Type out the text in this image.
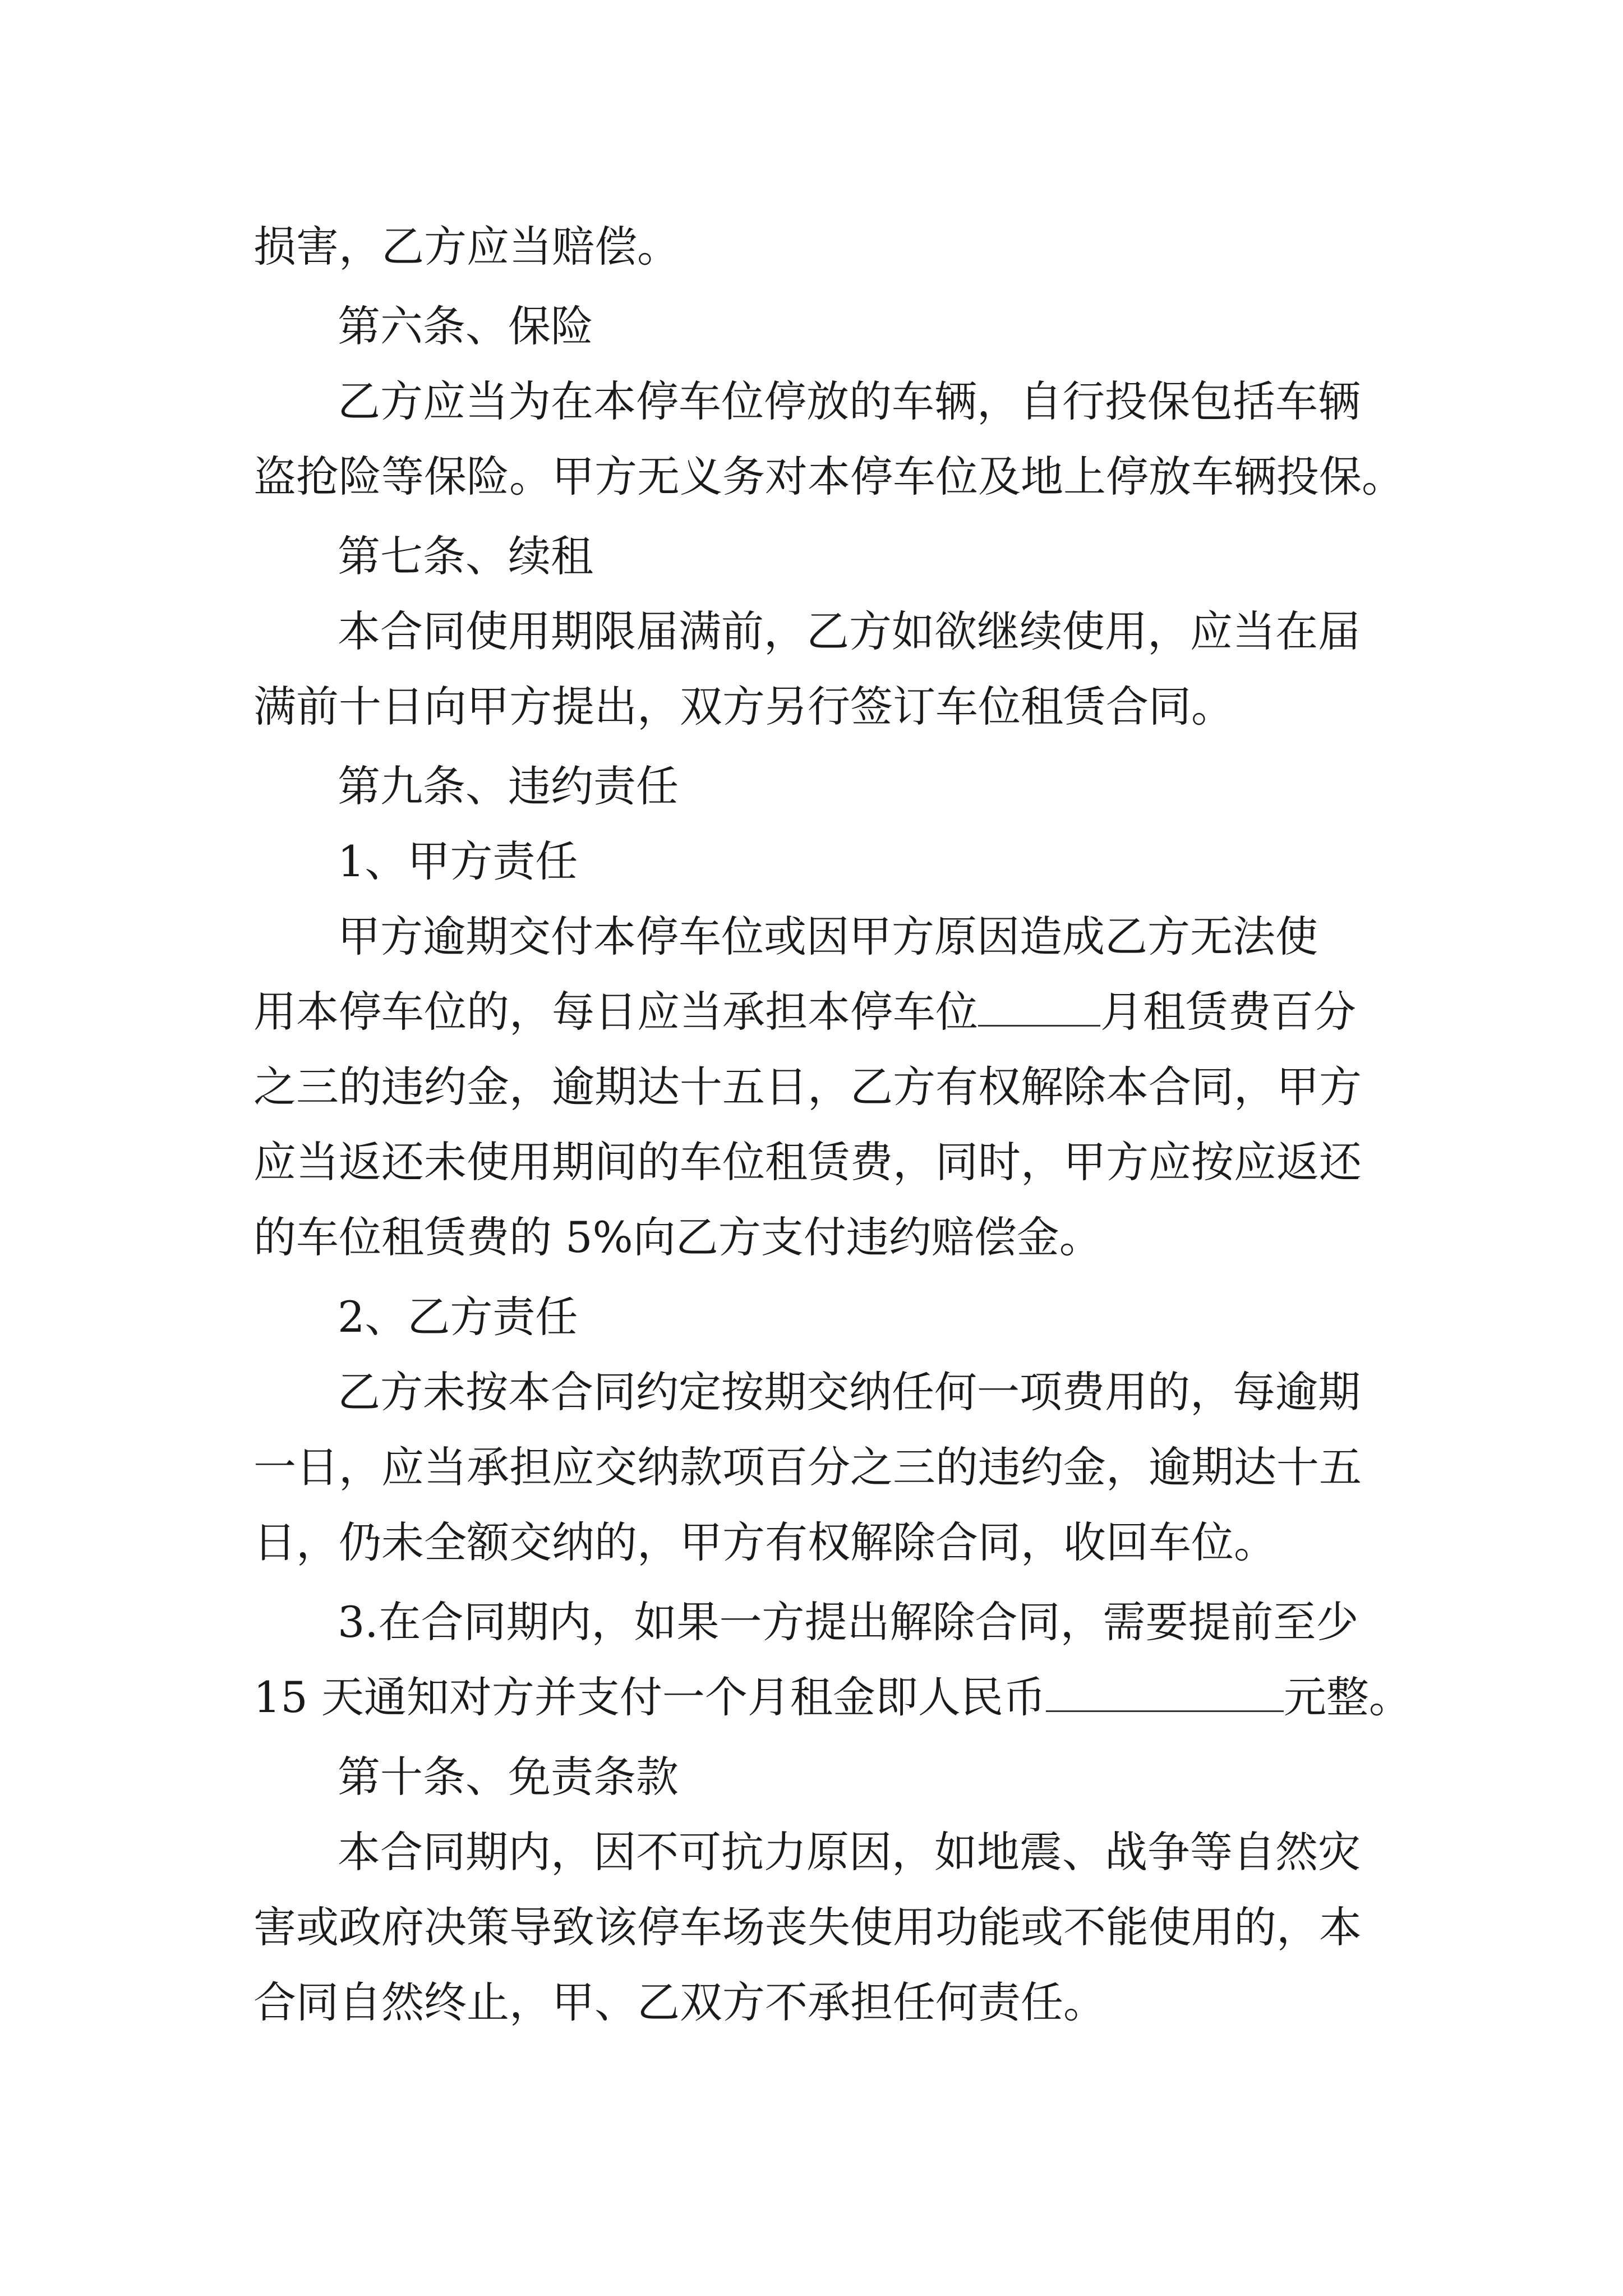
损害，乙方应当赔偿。

第六条、保险

乙方应当为在本停车位停放的车辆，自行投保包括车辆

盗抢险等保险。甲方无义务对本停车位及地上停放车辆投保。

第七条、续租

本合同使用期限届满前，乙方如欲继续使用，应当在届

满前十日向甲方提出，双方另行签订车位租赁合同。

第九条、违约责任

1、甲方责任

甲方逾期交付本停车位或因甲方原因造成乙方无法使

用本停车位的，每日应当承担本停车位	月租赁费百分

之三的违约金，逾期达十五日，乙方有权解除本合同，甲方

应当返还未使用期间的车位租赁费，同时，甲方应按应返还

的车位租赁费的 5%向乙方支付违约赔偿金。

2、乙方责任

乙方未按本合同约定按期交纳任何一项费用的，每逾期

一日，应当承担应交纳款项百分之三的违约金，逾期达十五

日，仍未全额交纳的，甲方有权解除合同，收回车位。

3.在合同期内，如果一方提出解除合同，需要提前至少

15 天通知对方并支付一个月租金即人民币	元整。

第十条、免责条款

本合同期内，因不可抗力原因，如地震、战争等自然灾

害或政府决策导致该停车场丧失使用功能或不能使用的，本

合同自然终止，甲、乙双方不承担任何责任。
